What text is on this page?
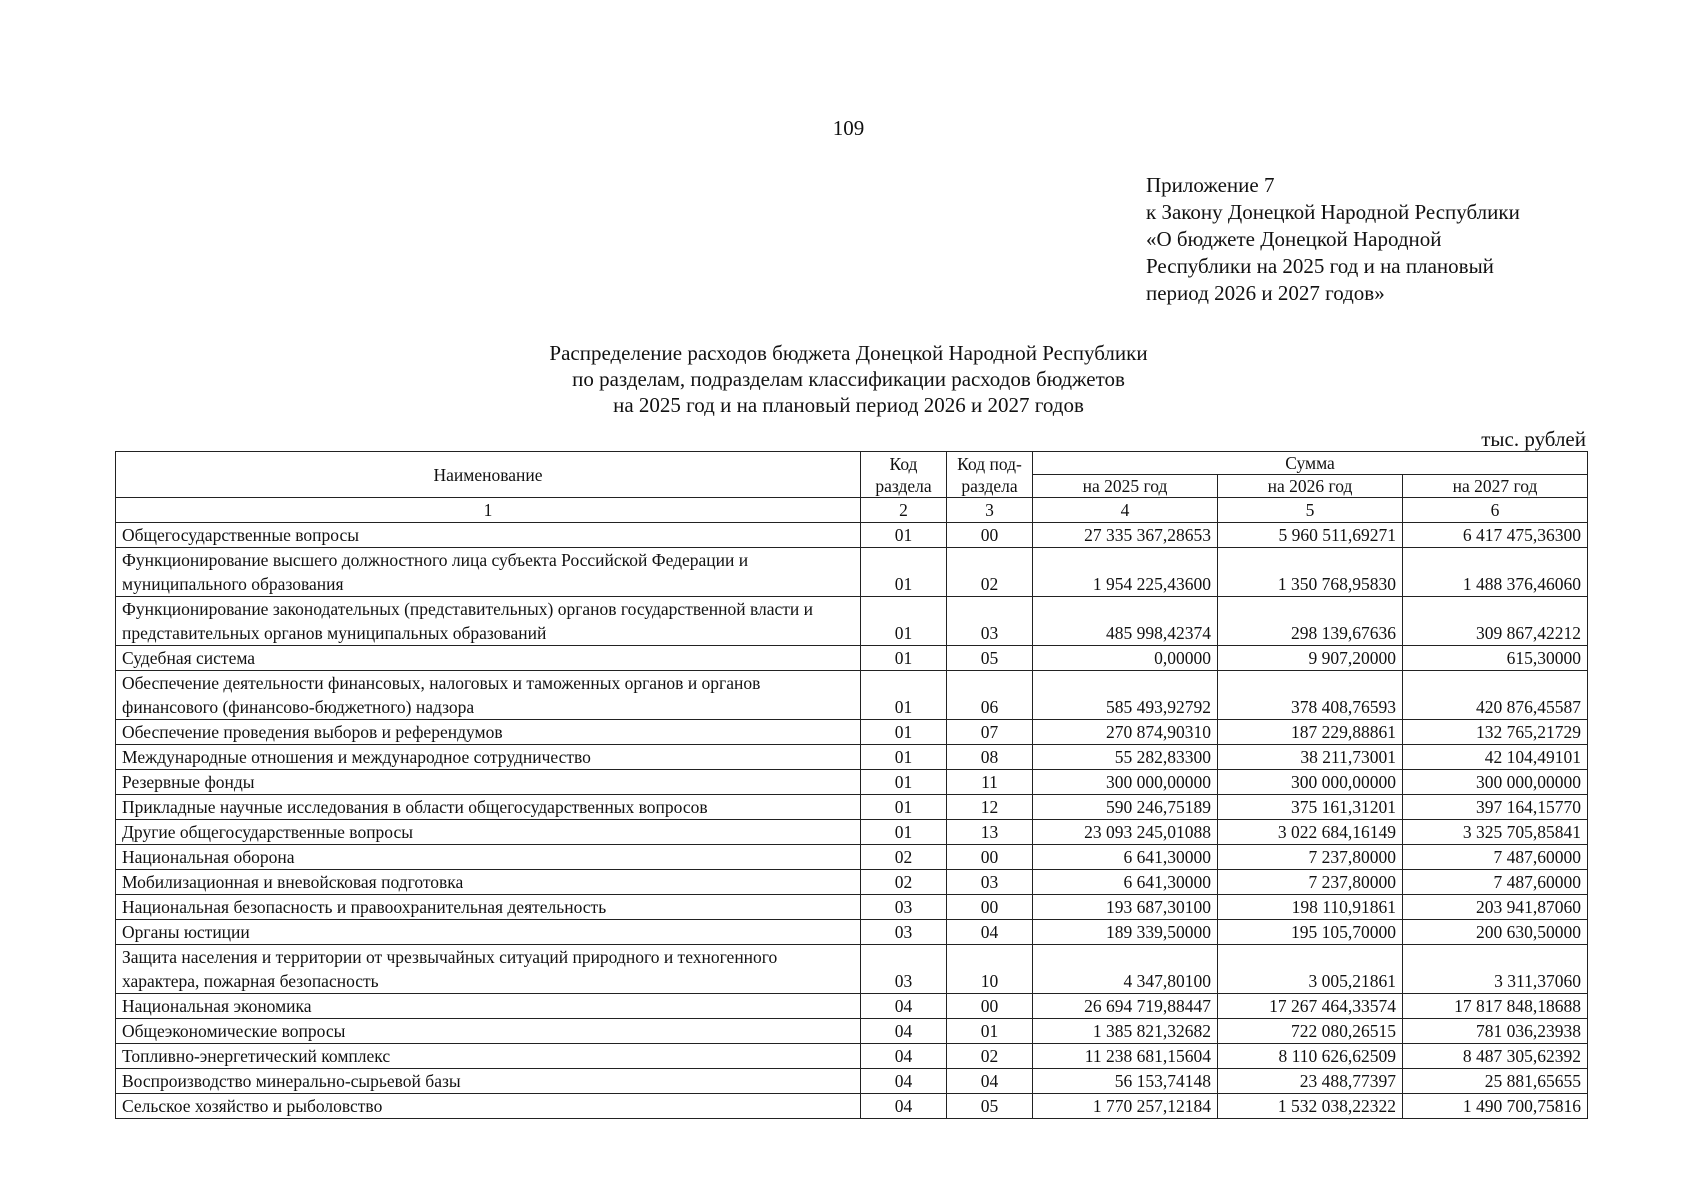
109
Приложение 7
к Закону Донецкой Народной Республики
«О бюджете Донецкой Народной
Республики на 2025 год и на плановый
период 2026 и 2027 годов»
Распределение расходов бюджета Донецкой Народной Республики
по разделам, подразделам классификации расходов бюджетов
на 2025 год и на плановый период 2026 и 2027 годов
тыс. рублей
Наименование	Код раздела	Код под-раздела	Сумма		
			на 2025 год	на 2026 год	на 2027 год
1	2	3	4	5	6
Общегосударственные вопросы	01	00	27 335 367,28653	5 960 511,69271	6 417 475,36300
Функционирование высшего должностного лица субъекта Российской Федерации и муниципального образования	01	02	1 954 225,43600	1 350 768,95830	1 488 376,46060
Функционирование законодательных (представительных) органов государственной власти и представительных органов муниципальных образований	01	03	485 998,42374	298 139,67636	309 867,42212
Судебная система	01	05	0,00000	9 907,20000	615,30000
Обеспечение деятельности финансовых, налоговых и таможенных органов и органов финансового (финансово-бюджетного) надзора	01	06	585 493,92792	378 408,76593	420 876,45587
Обеспечение проведения выборов и референдумов	01	07	270 874,90310	187 229,88861	132 765,21729
Международные отношения и международное сотрудничество	01	08	55 282,83300	38 211,73001	42 104,49101
Резервные фонды	01	11	300 000,00000	300 000,00000	300 000,00000
Прикладные научные исследования в области общегосударственных вопросов	01	12	590 246,75189	375 161,31201	397 164,15770
Другие общегосударственные вопросы	01	13	23 093 245,01088	3 022 684,16149	3 325 705,85841
Национальная оборона	02	00	6 641,30000	7 237,80000	7 487,60000
Мобилизационная и вневойсковая подготовка	02	03	6 641,30000	7 237,80000	7 487,60000
Национальная безопасность и правоохранительная деятельность	03	00	193 687,30100	198 110,91861	203 941,87060
Органы юстиции	03	04	189 339,50000	195 105,70000	200 630,50000
Защита населения и территории от чрезвычайных ситуаций природного и техногенного характера, пожарная безопасность	03	10	4 347,80100	3 005,21861	3 311,37060
Национальная экономика	04	00	26 694 719,88447	17 267 464,33574	17 817 848,18688
Общеэкономические вопросы	04	01	1 385 821,32682	722 080,26515	781 036,23938
Топливно-энергетический комплекс	04	02	11 238 681,15604	8 110 626,62509	8 487 305,62392
Воспроизводство минерально-сырьевой базы	04	04	56 153,74148	23 488,77397	25 881,65655
Сельское хозяйство и рыболовство	04	05	1 770 257,12184	1 532 038,22322	1 490 700,75816
